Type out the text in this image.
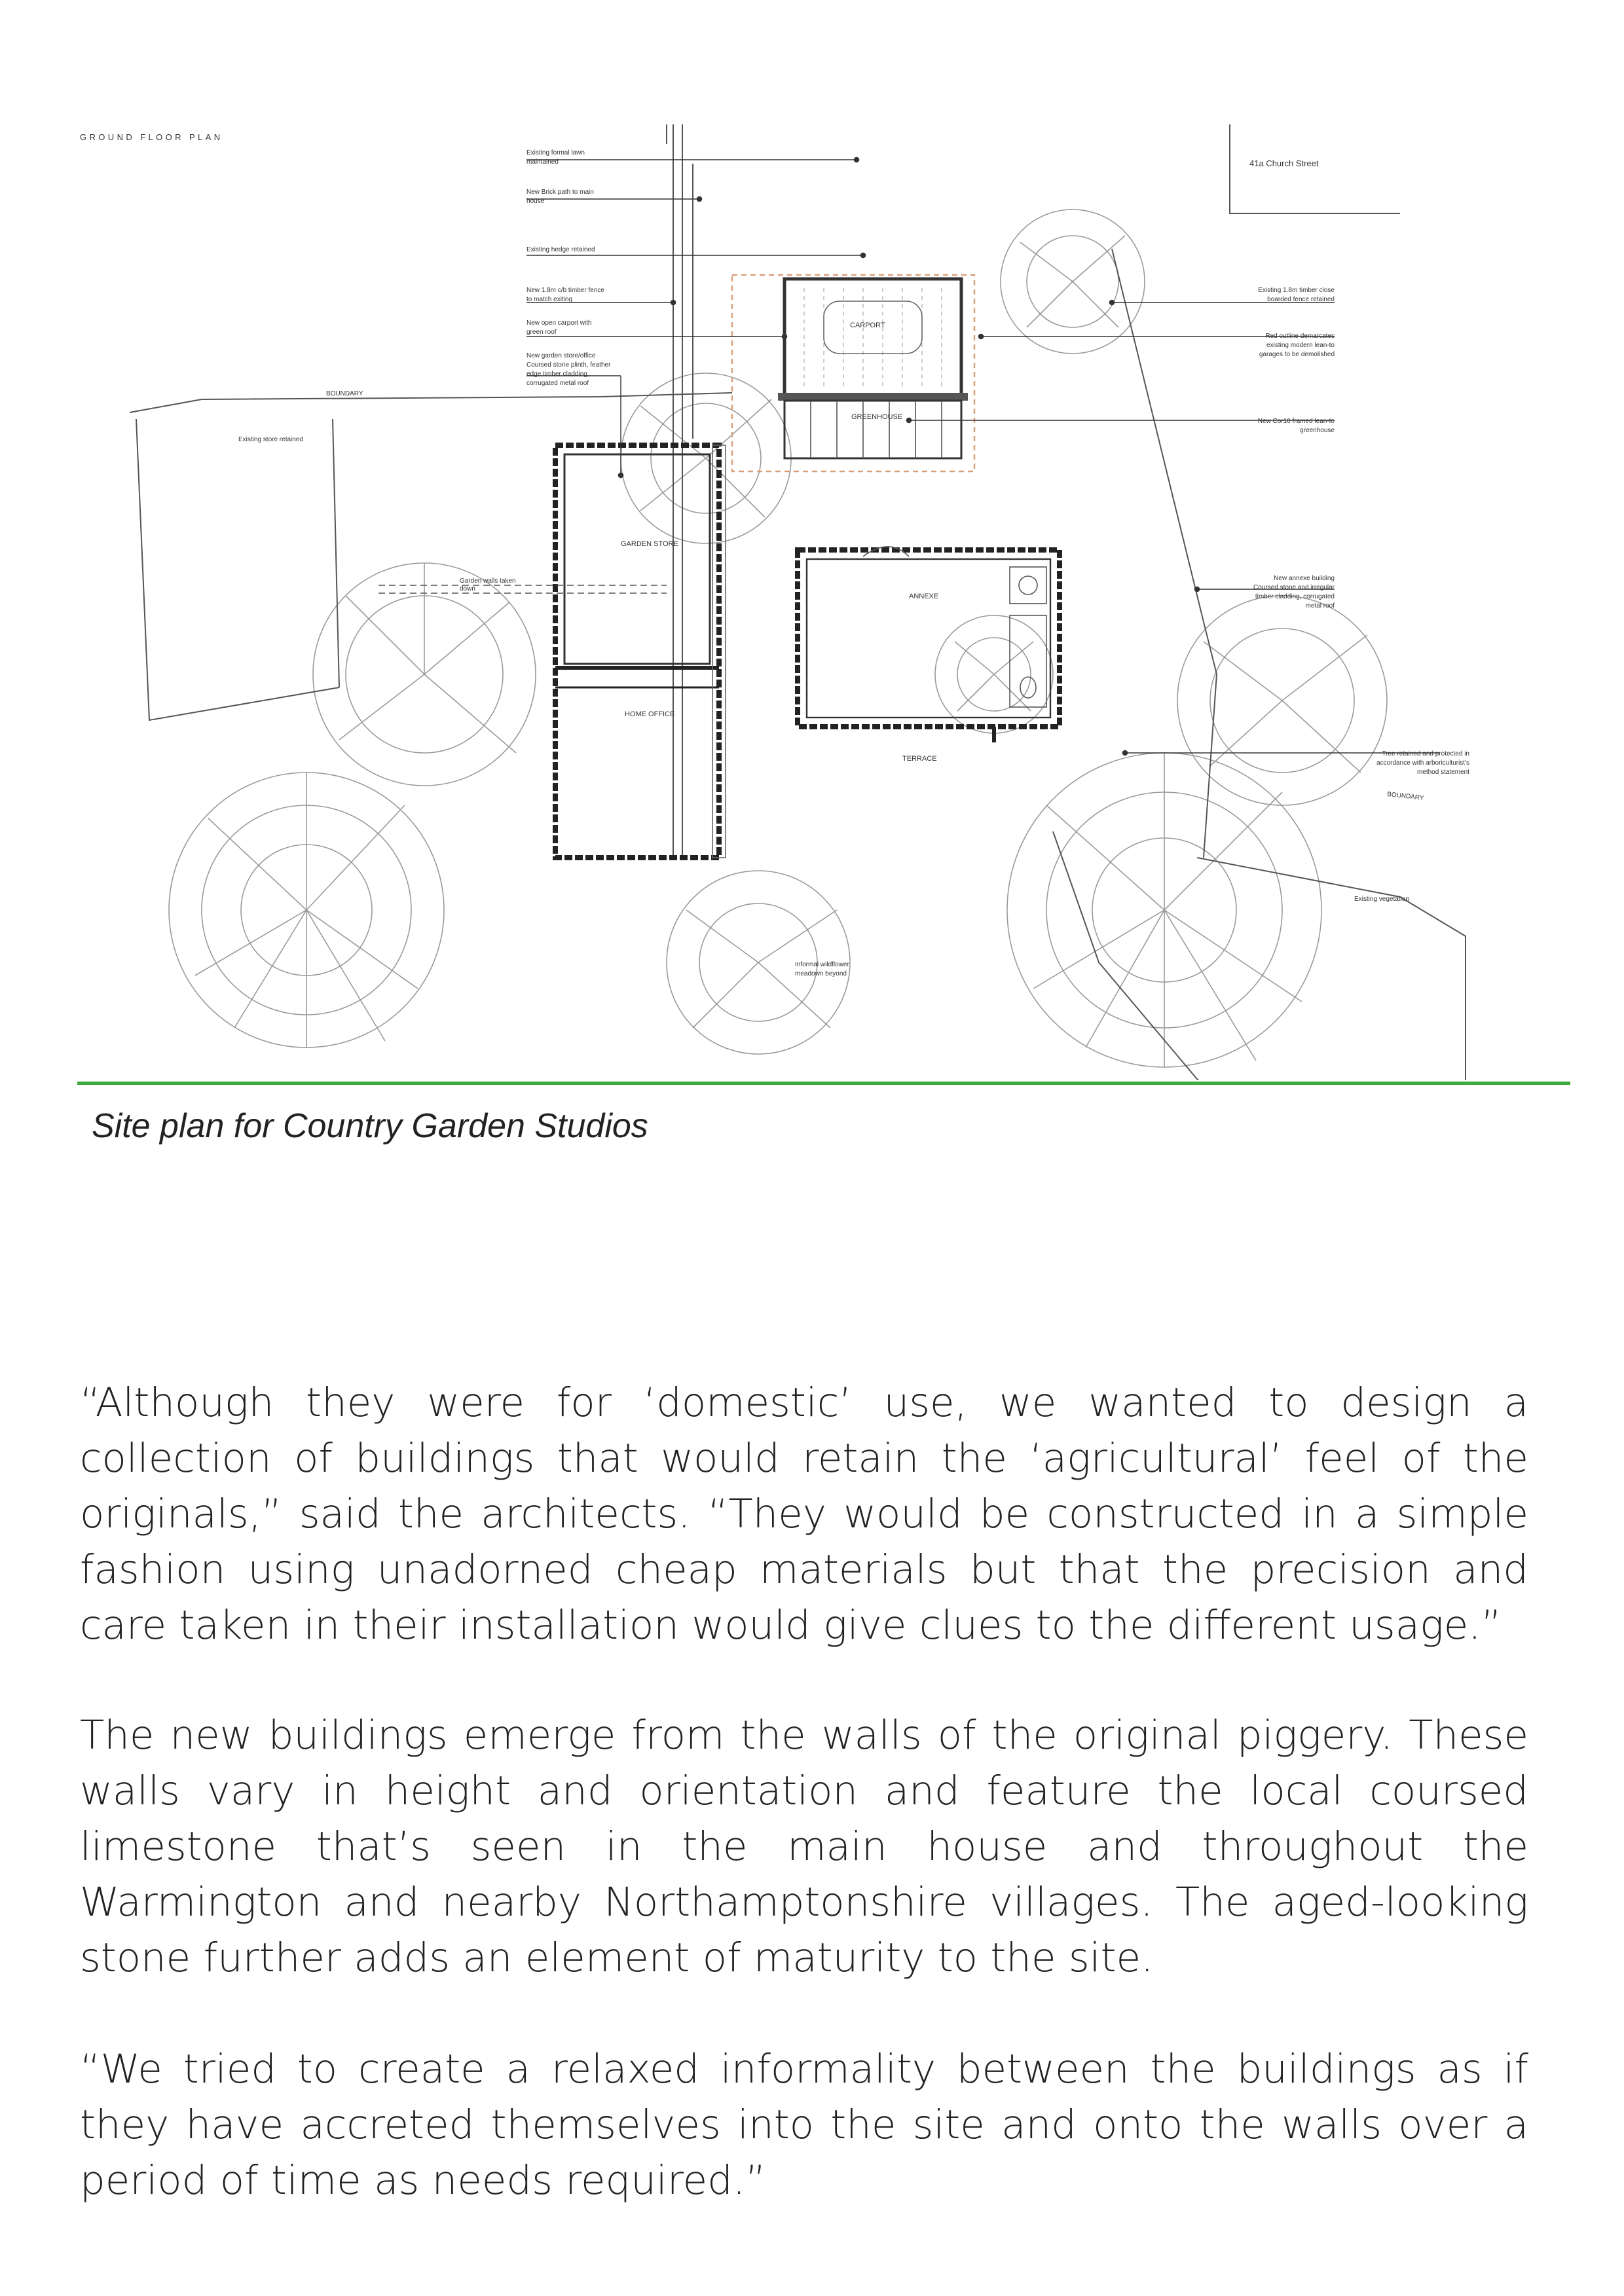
GROUND FLOOR PLAN
41a Church Street
Existing formal lawn maintained
New Brick path to main house
Existing hedge retained
New 1.8m c/b timber fence to match exiting
New open carport with green roof
New garden store/office Coursed stone plinth, feather edge timber cladding, corrugated metal roof
BOUNDARY
Existing store retained
Garden walls taken down
Existing 1.8m timber close boarded fence retained
Red outline demarcates existing modern lean-to garages to be demolished
New Cor10 framed lean-to greenhouse
New annexe building Coursed stone and irregular timber cladding, corrugated metal roof
Tree retained and protected in accordance with arboriculturist's method statement
BOUNDARY
Existing vegetation
Informal wildflower meadown beyond
CARPORT
GREENHOUSE
GARDEN STORE
HOME OFFICE
ANNEXE
TERRACE

Site plan for Country Garden Studios

“Although they were for ‘domestic’ use, we wanted to design a collection of buildings that would retain the ‘agricultural’ feel of the originals,” said the architects. “They would be constructed in a simple fashion using unadorned cheap materials but that the precision and care taken in their installation would give clues to the different usage.”

The new buildings emerge from the walls of the original piggery. These walls vary in height and orientation and feature the local coursed limestone that’s seen in the main house and throughout the Warmington and nearby Northamptonshire villages. The aged-looking stone further adds an element of maturity to the site.

“We tried to create a relaxed informality between the buildings as if they have accreted themselves into the site and onto the walls over a period of time as needs required.”
